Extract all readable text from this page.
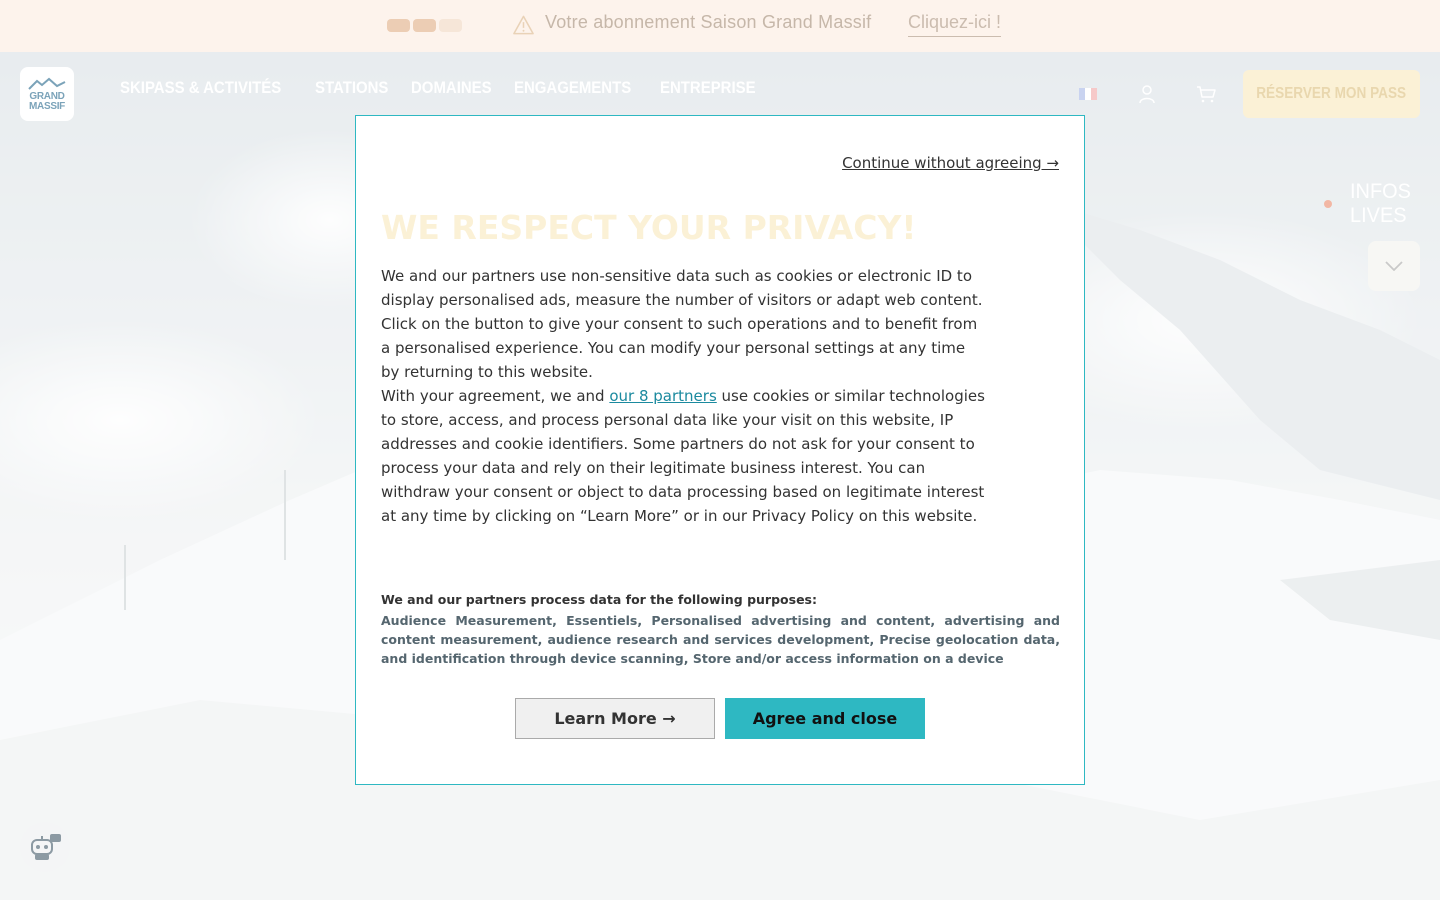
Votre abonnement Saison Grand Massif Cliquez-ici !
GRAND
MASSIF
SKIPASS & ACTIVITÉS STATIONS DOMAINES ENGAGEMENTS ENTREPRISE	RÉSERVER MON PASS
INFOS
LIVES
Continue without agreeing →
WE RESPECT YOUR PRIVACY!

We and our partners use non-sensitive data such as cookies or electronic ID to display personalised ads, measure the number of visitors or adapt web content.

Click on the button to give your consent to such operations and to benefit from a personalised experience. You can modify your personal settings at any time by returning to this website.

With your agreement, we and our 8 partners use cookies or similar technologies to store, access, and process personal data like your visit on this website, IP addresses and cookie identifiers. Some partners do not ask for your consent to process your data and rely on their legitimate business interest. You can withdraw your consent or object to data processing based on legitimate interest at any time by clicking on “Learn More” or in our Privacy Policy on this website.

We and our partners process data for the following purposes:
Audience Measurement, Essentiels, Personalised advertising and content, advertising and content measurement, audience research and services development, Precise geolocation data, and identification through device scanning, Store and/or access information on a device
Learn More →	Agree and close
